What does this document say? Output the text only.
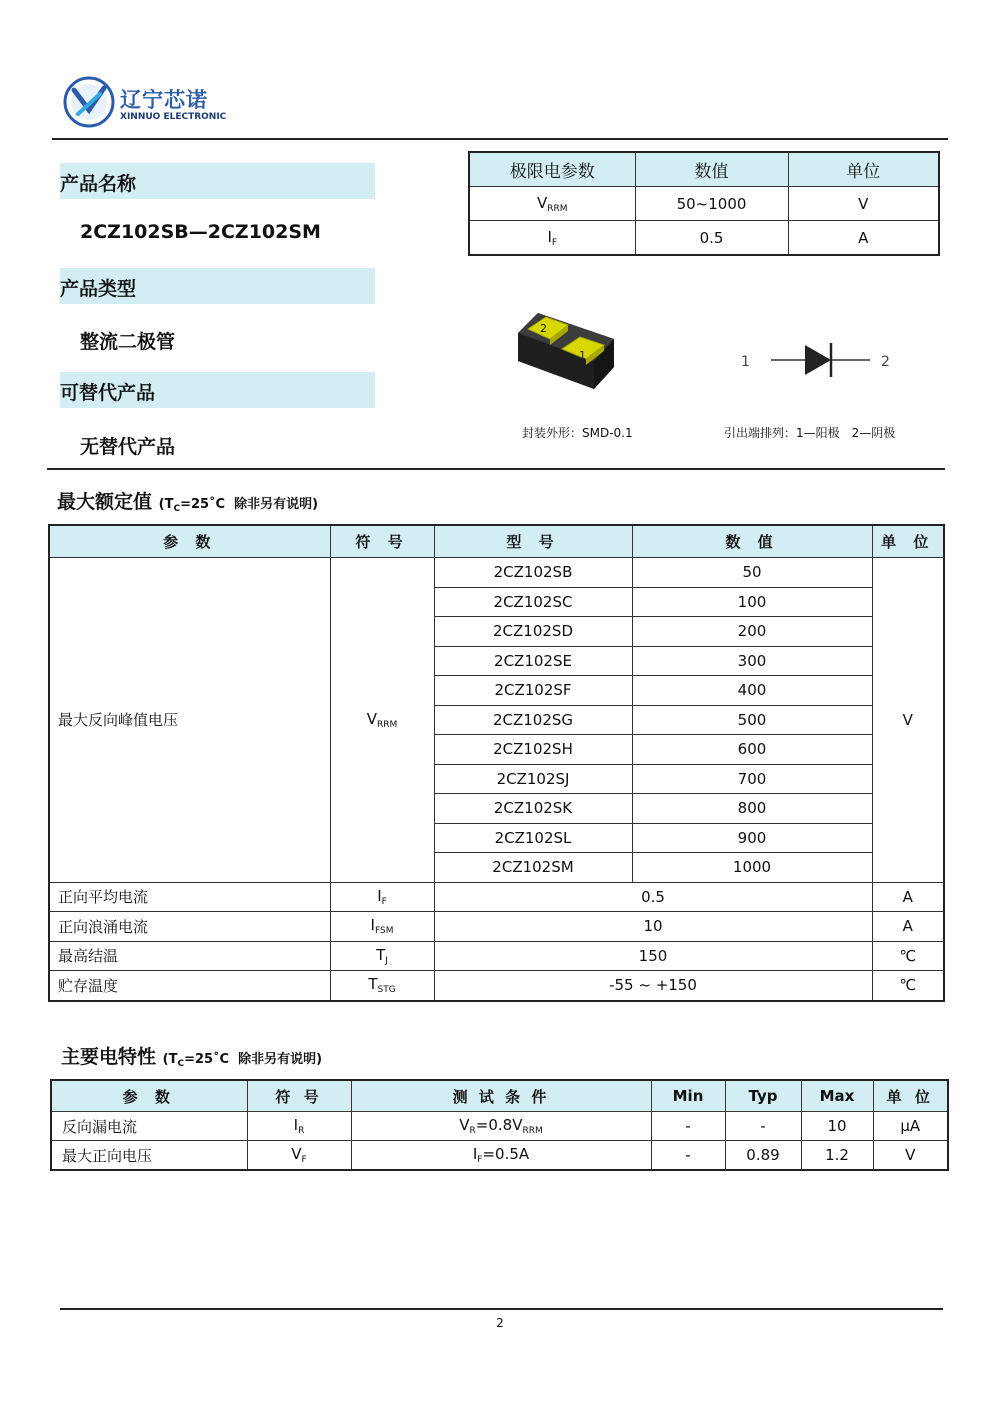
辽宁芯诺
XINNUO ELECTRONIC
产品名称
2CZ102SB—2CZ102SM
产品类型
整流二极管
可替代产品
无替代产品
极限电参数	数值	单位
$V_{RRM}$	50~1000	V
$I_F$	0.5	A
2
1
封装外形：SMD-0.1
1	2
引出端排列：1—阳极　2—阴极
最大额定值 ($T_C=25˚C$ 除非另有说明)
参 数	符 号	型 号	数 值	单 位
最大反向峰值电压	$V_{RRM}$	2CZ102SB	50	V
		2CZ102SC	100	
		2CZ102SD	200	
		2CZ102SE	300	
		2CZ102SF	400	
		2CZ102SG	500	
		2CZ102SH	600	
		2CZ102SJ	700	
		2CZ102SK	800	
		2CZ102SL	900	
		2CZ102SM	1000	
正向平均电流	$I_F$	0.5		A
正向浪涌电流	$I_{FSM}$	10		A
最高结温	$T_J$	150		℃
贮存温度	$T_{STG}$	-55 ~ +150		℃
主要电特性 ($T_C=25˚C$ 除非另有说明)
参 数	符 号	测 试 条 件	Min	Typ	Max	单 位
反向漏电流	$I_R$	$V_R=0.8V_{RRM}$	-	-	10	μA
最大正向电压	$V_F$	$I_F=0.5A$	-	0.89	1.2	V
2
